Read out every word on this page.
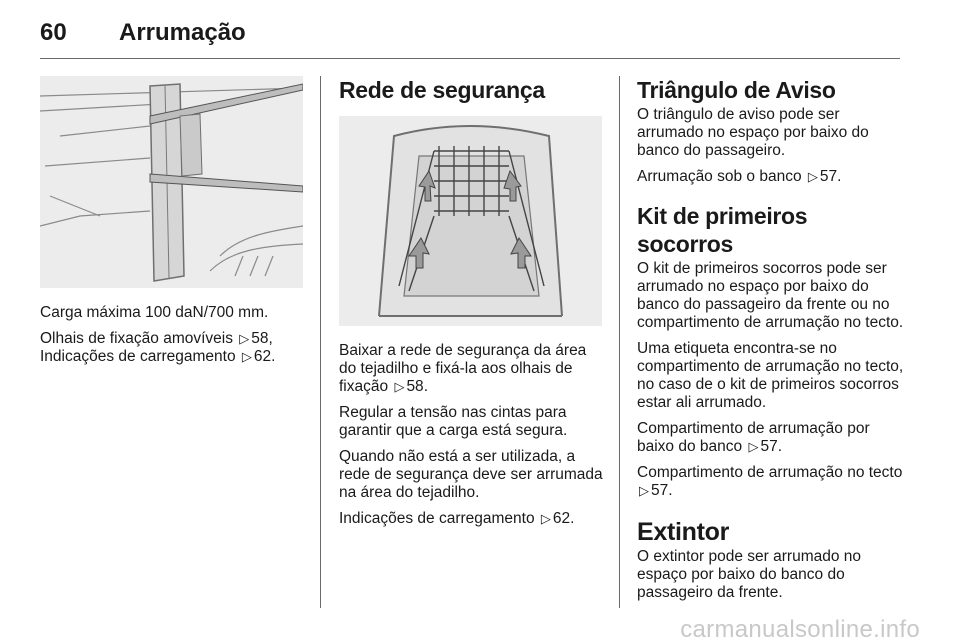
60 Arrumação

Carga máxima 100 daN/700 mm.

Olhais de fixação amovíveis ▷ 58,
Indicações de carregamento ▷ 62.

Rede de segurança

Baixar a rede de segurança da área do tejadilho e fixá-la aos olhais de fixação ▷ 58.

Regular a tensão nas cintas para garantir que a carga está segura.

Quando não está a ser utilizada, a rede de segurança deve ser arrumada na área do tejadilho.

Indicações de carregamento ▷ 62.

Triângulo de Aviso

O triângulo de aviso pode ser arrumado no espaço por baixo do banco do passageiro.

Arrumação sob o banco ▷ 57.

Kit de primeiros socorros

O kit de primeiros socorros pode ser arrumado no espaço por baixo do banco do passageiro da frente ou no compartimento de arrumação no tecto.

Uma etiqueta encontra-se no compartimento de arrumação no tecto, no caso de o kit de primeiros socorros estar ali arrumado.

Compartimento de arrumação por baixo do banco ▷ 57.

Compartimento de arrumação no tecto ▷ 57.

Extintor

O extintor pode ser arrumado no espaço por baixo do banco do passageiro da frente.

carmanualsonline.info
